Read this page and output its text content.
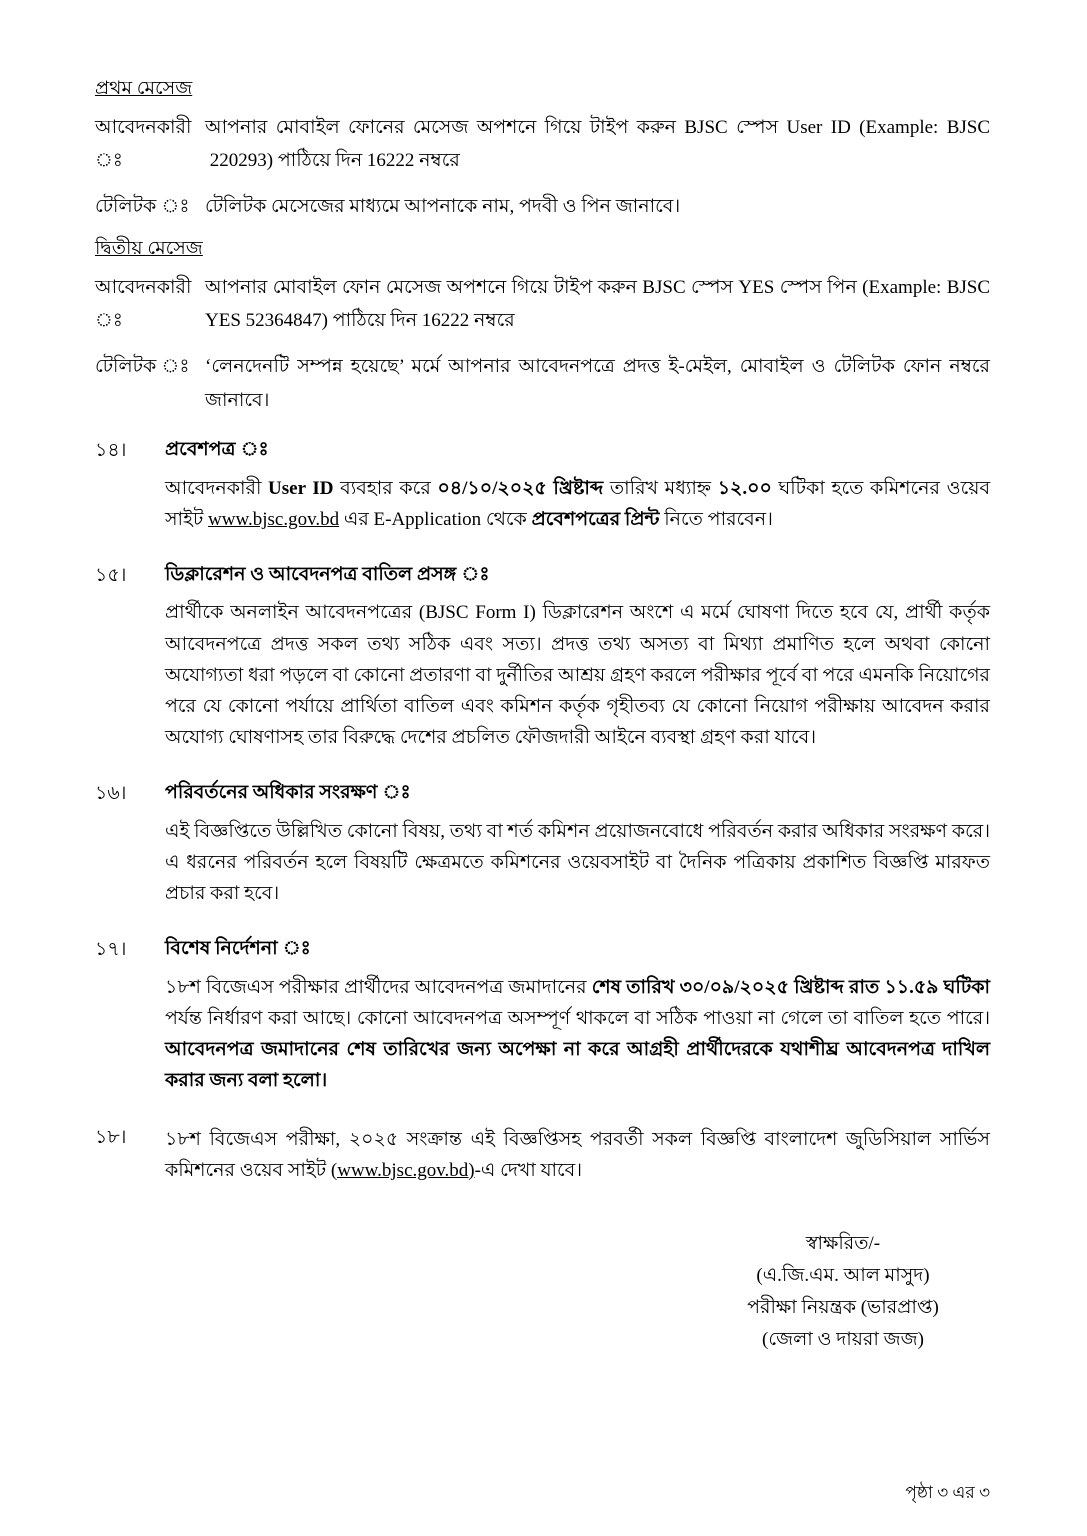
প্রথম মেসেজ
আবেদনকারী ঃ
আপনার মোবাইল ফোনের মেসেজ অপশনে গিয়ে টাইপ করুন BJSC স্পেস User ID (Example: BJSC  220293) পাঠিয়ে দিন 16222 নম্বরে
টেলিটক ঃ টেলিটক মেসেজের মাধ্যমে আপনাকে নাম, পদবী ও পিন জানাবে।
দ্বিতীয় মেসেজ
আবেদনকারী ঃ
আপনার মোবাইল ফোন মেসেজ অপশনে গিয়ে টাইপ করুন BJSC স্পেস YES স্পেস পিন (Example: BJSC YES 52364847) পাঠিয়ে দিন 16222 নম্বরে
টেলিটক ঃ ‘লেনদেনটি সম্পন্ন হয়েছে’ মর্মে আপনার আবেদনপত্রে প্রদত্ত ই-মেইল, মোবাইল ও টেলিটক ফোন নম্বরে জানাবে।
১৪।	প্রবেশপত্র ঃ
আবেদনকারী User ID ব্যবহার করে ০৪/১০/২০২৫ খ্রিষ্টাব্দ তারিখ মধ্যাহ্ন ১২.০০ ঘটিকা হতে কমিশনের ওয়েব সাইট www.bjsc.gov.bd এর E-Application থেকে প্রবেশপত্রের প্রিন্ট নিতে পারবেন।
১৫।	ডিক্লারেশন ও আবেদনপত্র বাতিল প্রসঙ্গ ঃ
প্রার্থীকে অনলাইন আবেদনপত্রের (BJSC Form I) ডিক্লারেশন অংশে এ মর্মে ঘোষণা দিতে হবে যে, প্রার্থী কর্তৃক আবেদনপত্রে প্রদত্ত সকল তথ্য সঠিক এবং সত্য। প্রদত্ত তথ্য অসত্য বা মিথ্যা প্রমাণিত হলে অথবা কোনো অযোগ্যতা ধরা পড়লে বা কোনো প্রতারণা বা দুর্নীতির আশ্রয় গ্রহণ করলে পরীক্ষার পূর্বে বা পরে এমনকি নিয়োগের পরে যে কোনো পর্যায়ে প্রার্থিতা বাতিল এবং কমিশন কর্তৃক গৃহীতব্য যে কোনো নিয়োগ পরীক্ষায় আবেদন করার অযোগ্য ঘোষণাসহ তার বিরুদ্ধে দেশের প্রচলিত ফৌজদারী আইনে ব্যবস্থা গ্রহণ করা যাবে।
১৬।	পরিবর্তনের অধিকার সংরক্ষণ ঃ
এই বিজ্ঞপ্তিতে উল্লিখিত কোনো বিষয়, তথ্য বা শর্ত কমিশন প্রয়োজনবোধে পরিবর্তন করার অধিকার সংরক্ষণ করে। এ ধরনের পরিবর্তন হলে বিষয়টি ক্ষেত্রমতে কমিশনের ওয়েবসাইট বা দৈনিক পত্রিকায় প্রকাশিত বিজ্ঞপ্তি মারফত প্রচার করা হবে।
১৭।	বিশেষ নির্দেশনা ঃ
১৮শ বিজেএস পরীক্ষার প্রার্থীদের আবেদনপত্র জমাদানের শেষ তারিখ ৩০/০৯/২০২৫ খ্রিষ্টাব্দ রাত ১১.৫৯ ঘটিকা পর্যন্ত নির্ধারণ করা আছে। কোনো আবেদনপত্র অসম্পূর্ণ থাকলে বা সঠিক পাওয়া না গেলে তা বাতিল হতে পারে। আবেদনপত্র জমাদানের শেষ তারিখের জন্য অপেক্ষা না করে আগ্রহী প্রার্থীদেরকে যথাশীঘ্র আবেদনপত্র দাখিল করার জন্য বলা হলো।
১৮।	১৮শ বিজেএস পরীক্ষা, ২০২৫ সংক্রান্ত এই বিজ্ঞপ্তিসহ পরবর্তী সকল বিজ্ঞপ্তি বাংলাদেশ জুডিসিয়াল সার্ভিস কমিশনের ওয়েব সাইট (www.bjsc.gov.bd)-এ দেখা যাবে।
স্বাক্ষরিত/-
(এ.জি.এম. আল মাসুদ)
পরীক্ষা নিয়ন্ত্রক (ভারপ্রাপ্ত)
(জেলা ও দায়রা জজ)
পৃষ্ঠা ৩ এর ৩
